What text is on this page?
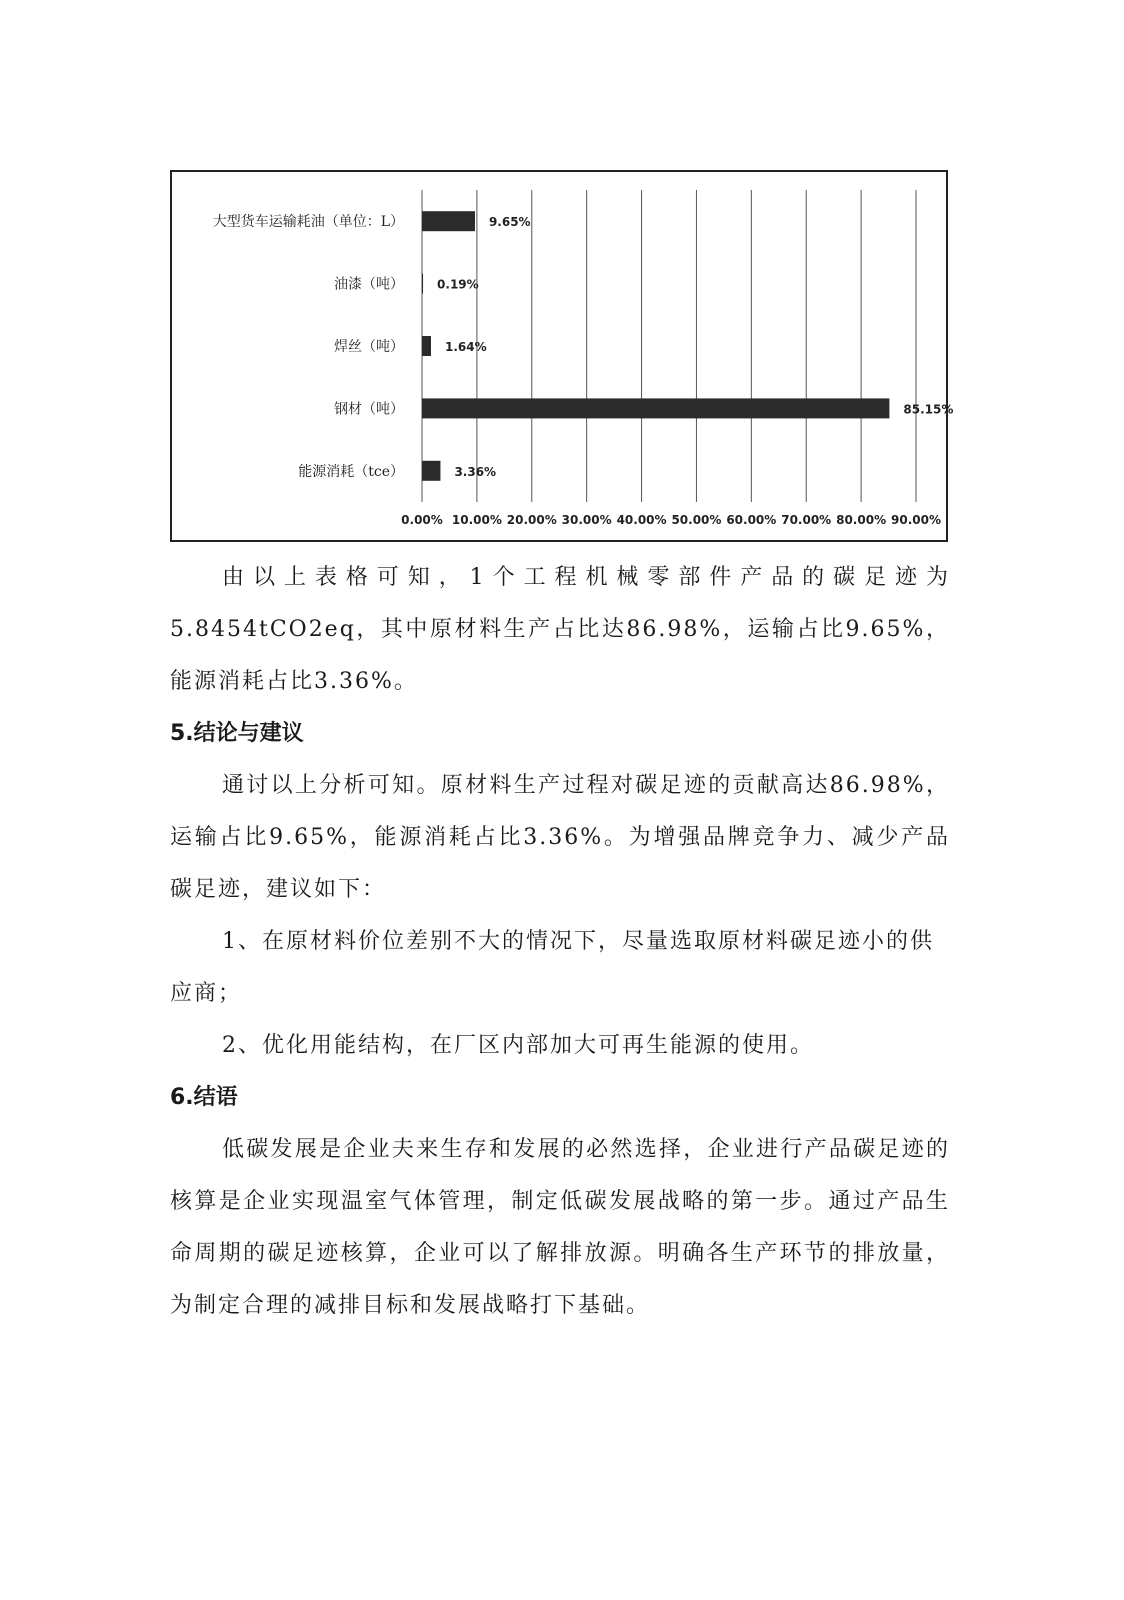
0.00% 10.00% 20.00% 30.00% 40.00% 50.00% 60.00% 70.00% 80.00% 90.00%
大型货车运输耗油（单位：L）	9.65%
油漆（吨）	0.19%
焊丝（吨）	1.64%
钢材（吨）	85.15%
能源消耗（tce）	3.36%

由以上表格可知，1个工程机械零部件产品的碳足迹为5.8454tCO2eq，其中原材料生产占比达86.98%，运输占比9.65%，能源消耗占比3.36%。

5.结论与建议

通讨以上分析可知。原材料生产过程对碳足迹的贡献高达86.98%，运输占比9.65%，能源消耗占比3.36%。为增强品牌竞争力、减少产品碳足迹，建议如下：

1、在原材料价位差别不大的情况下，尽量选取原材料碳足迹小的供应商；

2、优化用能结构，在厂区内部加大可再生能源的使用。

6.结语

低碳发展是企业夫来生存和发展的必然选择，企业进行产品碳足迹的核算是企业实现温室气体管理，制定低碳发展战略的第一步。通过产品生命周期的碳足迹核算，企业可以了解排放源。明确各生产环节的排放量，为制定合理的减排目标和发展战略打下基础。
